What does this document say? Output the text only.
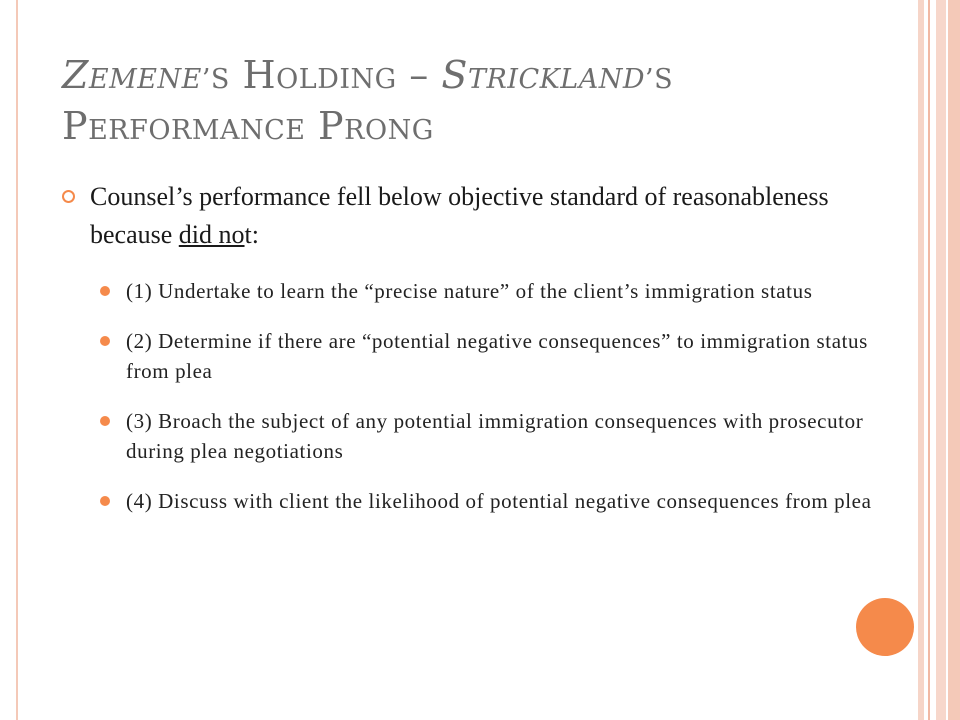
ZEMENE’S HOLDING – STRICKLAND’S
PERFORMANCE PRONG

Counsel’s performance fell below objective standard of reasonableness because did not:

(1) Undertake to learn the “precise nature” of the client’s immigration status
(2) Determine if there are “potential negative consequences” to immigration status from plea
(3) Broach the subject of any potential immigration consequences with prosecutor during plea negotiations
(4) Discuss with client the likelihood of potential negative consequences from plea
